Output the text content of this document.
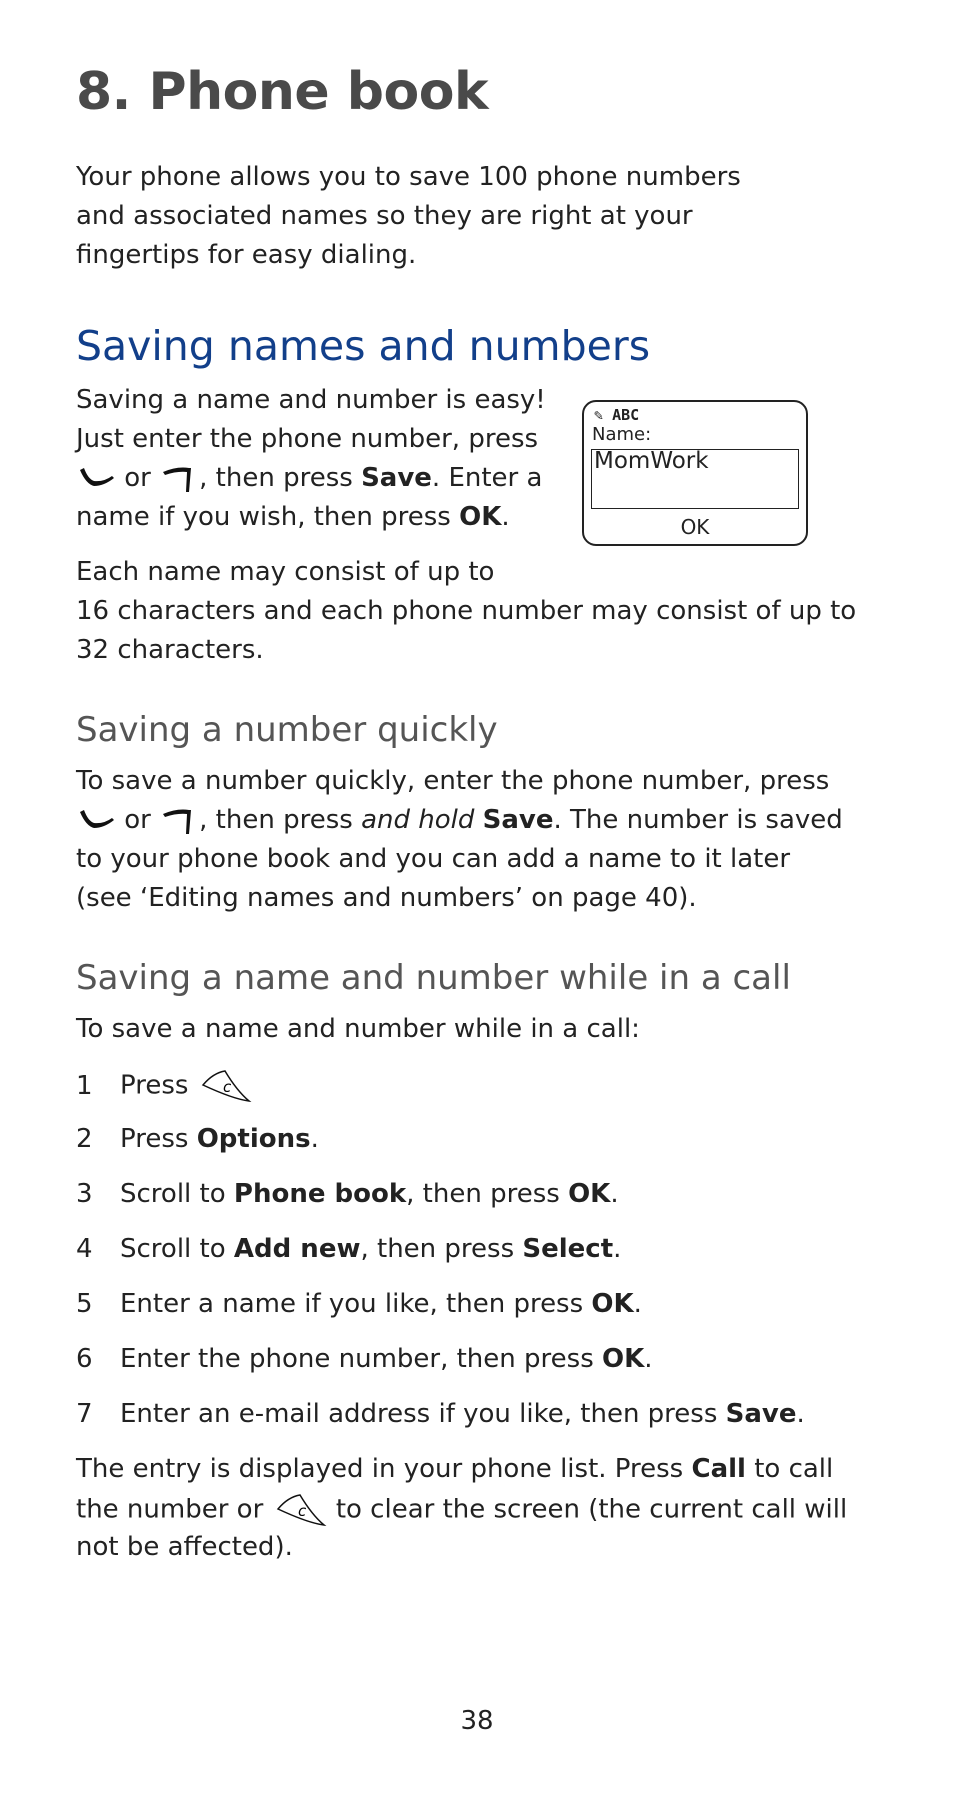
8. Phone book

Your phone allows you to save 100 phone numbers and associated names so they are right at your fingertips for easy dialing.

Saving names and numbers

Saving a name and number is easy!

Just enter the phone number, press

or , then press Save. Enter a

name if you wish, then press OK.

✎ ABC
Name:
MomWork
OK

Each name may consist of up to

16 characters and each phone number may consist of up to

32 characters.

Saving a number quickly

To save a number quickly, enter the phone number, press

or , then press and hold Save. The number is saved

to your phone book and you can add a name to it later

(see ‘Editing names and numbers’ on page 40).

Saving a name and number while in a call

To save a name and number while in a call:

1 Press c
2 Press Options.
3 Scroll to Phone book, then press OK.
4 Scroll to Add new, then press Select.
5 Enter a name if you like, then press OK.
6 Enter the phone number, then press OK.
7 Enter an e-mail address if you like, then press Save.

The entry is displayed in your phone list. Press Call to call

the number or c to clear the screen (the current call will

not be affected).

38
